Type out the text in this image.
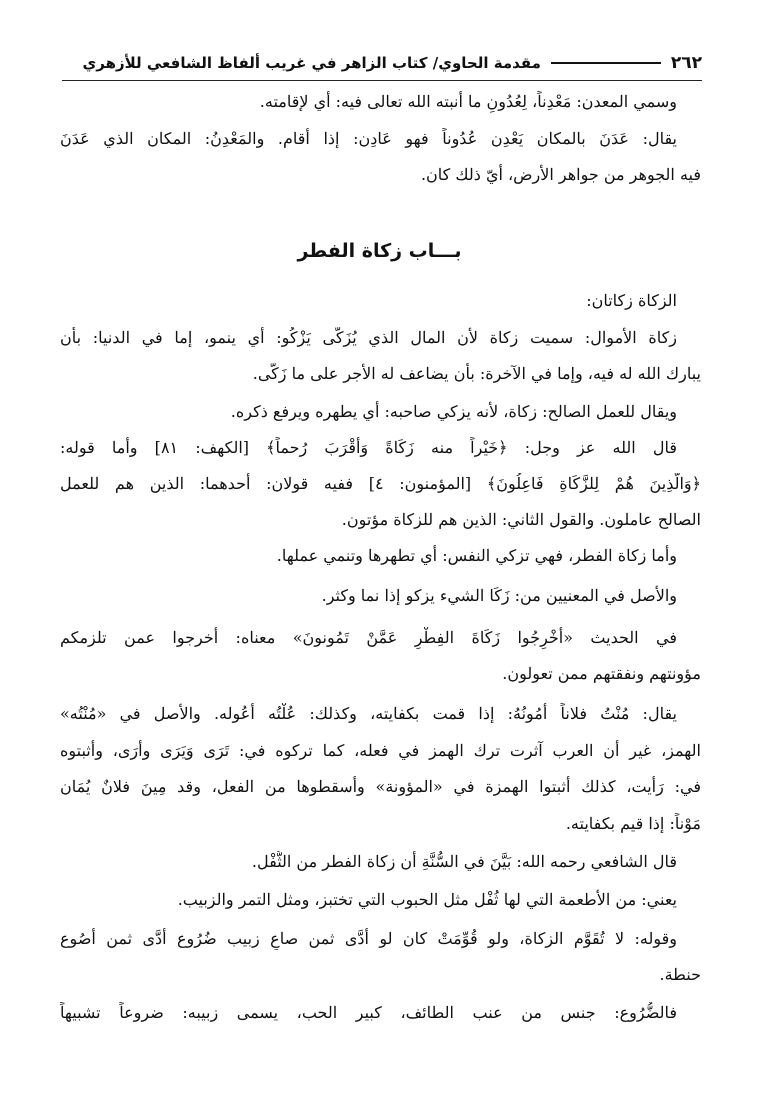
٢٦٢
مقدمة الحاوي/ كتاب الزاهر في غريب ألفاظ الشافعي للأزهري
وسمي المعدن: مَعْدِناً، لِعُدُونِ ما أنبته الله تعالى فيه: أي لإقامته.
يقال: عَدَنَ بالمكان يَعْدِن عُدُوناً فهو عَادِن: إذا أقام. والمَعْدِنُ: المكان الذي عَدَنَ
فيه الجوهر من جواهر الأرض، أيّ ذلك كان.
بـــاب زكاة الفطر
الزكاة زكاتان:
زكاة الأموال: سميت زكاة لأن المال الذي يُزَكَّى يَزْكُو: أي ينمو، إما في الدنيا: بأن
يبارك الله له فيه، وإما في الآخرة: بأن يضاعف له الأجر على ما زَكَّى.
ويقال للعمل الصالح: زكاة، لأنه يزكي صاحبه: أي يطهره ويرفع ذكره.
قال الله عز وجل: ﴿خَيْراً منه زَكَاةً وَأَقْرَبَ رُحماً﴾ [الكهف: ٨١] وأما قوله:
﴿وَالَّذِينَ هُمْ لِلزَّكَاةِ فَاعِلُونَ﴾ [المؤمنون: ٤] ففيه قولان: أحدهما: الذين هم للعمل
الصالح عاملون. والقول الثاني: الذين هم للزكاة مؤتون.
وأما زكاة الفطر، فهي تزكي النفس: أي تطهرها وتنمي عملها.
والأصل في المعنيين من: زَكَا الشيء يزكو إذا نما وكثر.
في الحديث «أَخْرِجُوا زَكَاةَ الفِطْرِ عَمَّنْ تَمُونونَ» معناه: أخرجوا عمن تلزمكم
مؤونتهم ونفقتهم ممن تعولون.
يقال: مُنْتُ فلاناً أَمُونُهُ: إذا قمت بكفايته، وكذلك: عُلْتُه أعُوله. والأصل في «مُنْتُه»
الهمز، غير أن العرب آثرت ترك الهمز في فعله، كما تركوه في: تَرَى وَيَرَى وأَرَى، وأثبتوه
في: رَأَيت، كذلك أثبتوا الهمزة في «المؤونة» وأسقطوها من الفعل، وقد مِينَ فلانٌ يُمَان
مَوْناً: إذا قيم بكفايته.
قال الشافعي رحمه الله: بَيَّنَ في السُّنَّةِ أن زكاة الفطر من الثُّفْل.
يعني: من الأطعمة التي لها ثُفْل مثل الحبوب التي تختبز، ومثل التمر والزبيب.
وقوله: لا تُقَوَّم الزكاة، ولو قُوِّمَتْ كان لو أَدَّى ثمن صاعِ زبيب ضُرُوع أَدَّى ثمن أَصُوع
حنطة.
فالضُّرُوع: جنس من عنب الطائف، كبير الحب، يسمى زبيبه: ضروعاً تشبيهاً
